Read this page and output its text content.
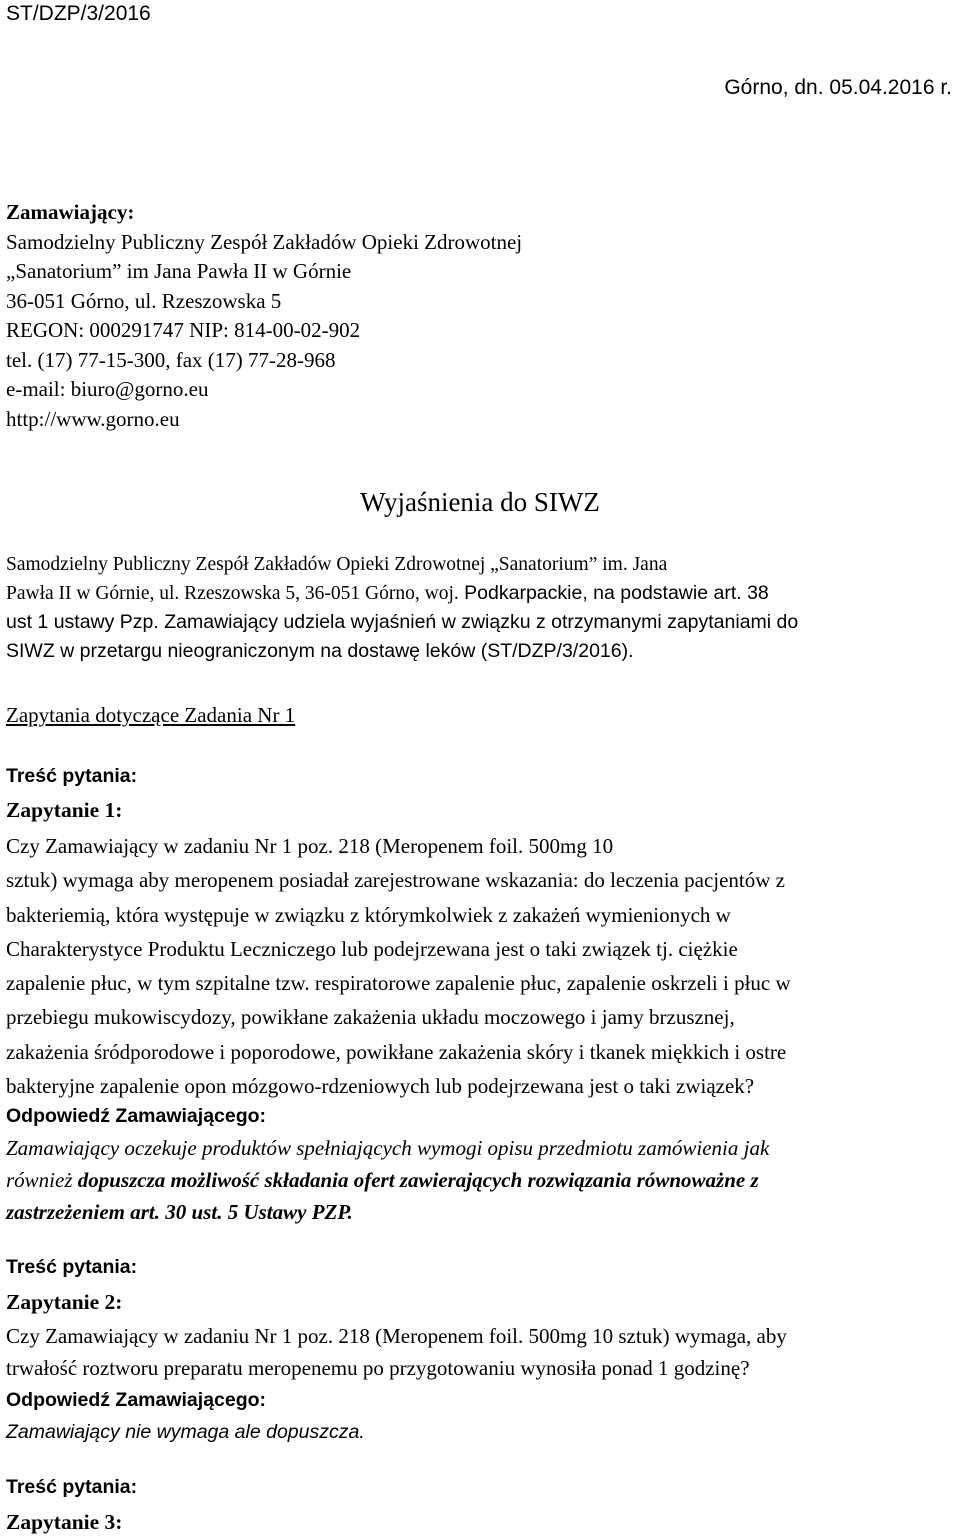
ST/DZP/3/2016
Górno, dn. 05.04.2016 r.
Zamawiający:
Samodzielny Publiczny Zespół Zakładów Opieki Zdrowotnej
„Sanatorium” im Jana Pawła II w Górnie
36-051 Górno, ul. Rzeszowska 5
REGON: 000291747 NIP: 814-00-02-902
tel. (17) 77-15-300, fax (17) 77-28-968
e-mail: biuro@gorno.eu
http://www.gorno.eu
Wyjaśnienia do SIWZ
Samodzielny Publiczny Zespół Zakładów Opieki Zdrowotnej „Sanatorium” im. Jana
Pawła II w Górnie, ul. Rzeszowska 5, 36-051 Górno, woj. Podkarpackie, na podstawie art. 38
ust 1 ustawy Pzp. Zamawiający udziela wyjaśnień w związku z otrzymanymi zapytaniami do
SIWZ w przetargu nieograniczonym na dostawę leków (ST/DZP/3/2016).
Zapytania dotyczące Zadania Nr 1
Treść pytania:
Zapytanie 1:
Czy Zamawiający w zadaniu Nr 1 poz. 218 (Meropenem foil. 500mg 10
sztuk) wymaga aby meropenem posiadał zarejestrowane wskazania: do leczenia pacjentów z
bakteriemią, która występuje w związku z którymkolwiek z zakażeń wymienionych w
Charakterystyce Produktu Leczniczego lub podejrzewana jest o taki związek tj. ciężkie
zapalenie płuc, w tym szpitalne tzw. respiratorowe zapalenie płuc, zapalenie oskrzeli i płuc w
przebiegu mukowiscydozy, powikłane zakażenia układu moczowego i jamy brzusznej,
zakażenia śródporodowe i poporodowe, powikłane zakażenia skóry i tkanek miękkich i ostre
bakteryjne zapalenie opon mózgowo-rdzeniowych lub podejrzewana jest o taki związek?
Odpowiedź Zamawiającego:
Zamawiający oczekuje produktów spełniających wymogi opisu przedmiotu zamówienia jak
również dopuszcza możliwość składania ofert zawierających rozwiązania równoważne z
zastrzeżeniem art. 30 ust. 5 Ustawy PZP.
Treść pytania:
Zapytanie 2:
Czy Zamawiający w zadaniu Nr 1 poz. 218 (Meropenem foil. 500mg 10 sztuk) wymaga, aby
trwałość roztworu preparatu meropenemu po przygotowaniu wynosiła ponad 1 godzinę?
Odpowiedź Zamawiającego:
Zamawiający nie wymaga ale dopuszcza.
Treść pytania:
Zapytanie 3:
